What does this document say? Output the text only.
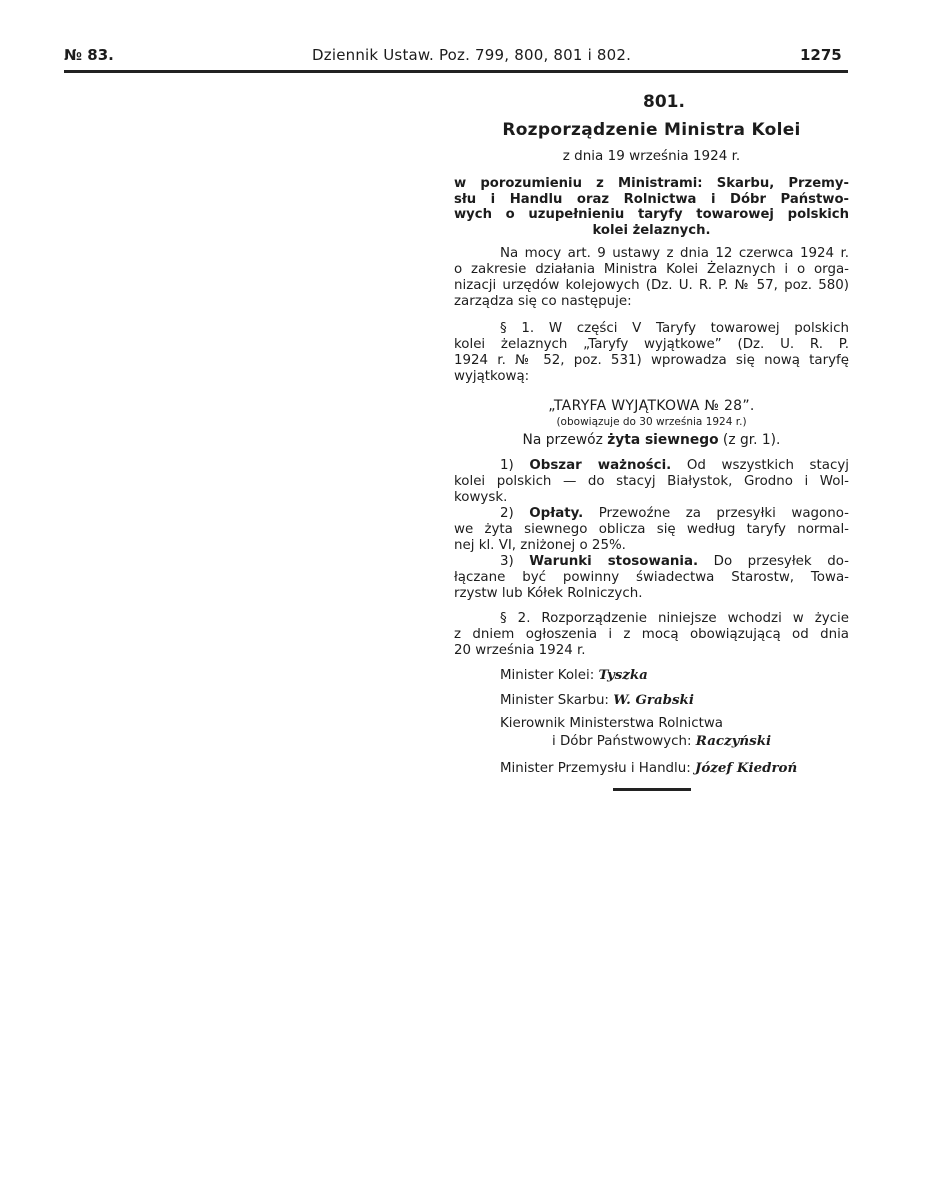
№ 83.	Dziennik Ustaw. Poz. 799, 800, 801 i 802.	1275
801.
Rozporządzenie Ministra Kolei
z dnia 19 września 1924 r.
w porozumieniu z Ministrami: Skarbu, Przemy-
słu i Handlu oraz Rolnictwa i Dóbr Państwo-
wych o uzupełnieniu taryfy towarowej polskich
kolei żelaznych.
Na mocy art. 9 ustawy z dnia 12 czerwca 1924 r.
o zakresie działania Ministra Kolei Żelaznych i o orga-
nizacji urzędów kolejowych (Dz. U. R. P. № 57, poz. 580)
zarządza się co następuje:
§ 1. W części V Taryfy towarowej polskich
kolei żelaznych „Taryfy wyjątkowe” (Dz. U. R. P.
1924 r. № 52, poz. 531) wprowadza się nową taryfę
wyjątkową:
„TARYFA WYJĄTKOWA № 28”.
(obowiązuje do 30 września 1924 r.)
Na przewóz żyta siewnego (z gr. 1).
1) Obszar ważności. Od wszystkich stacyj
kolei polskich — do stacyj Białystok, Grodno i Wol-
kowysk.
2) Opłaty. Przewoźne za przesyłki wagono-
we żyta siewnego oblicza się według taryfy normal-
nej kl. VI, zniżonej o 25%.
3) Warunki stosowania. Do przesyłek do-
łączane być powinny świadectwa Starostw, Towa-
rzystw lub Kółek Rolniczych.
§ 2. Rozporządzenie niniejsze wchodzi w życie
z dniem ogłoszenia i z mocą obowiązującą od dnia
20 września 1924 r.
Minister Kolei: Tyszka
Minister Skarbu: W. Grabski
Kierownik Ministerstwa Rolnictwa
i Dóbr Państwowych: Raczyński
Minister Przemysłu i Handlu: Józef Kiedroń
